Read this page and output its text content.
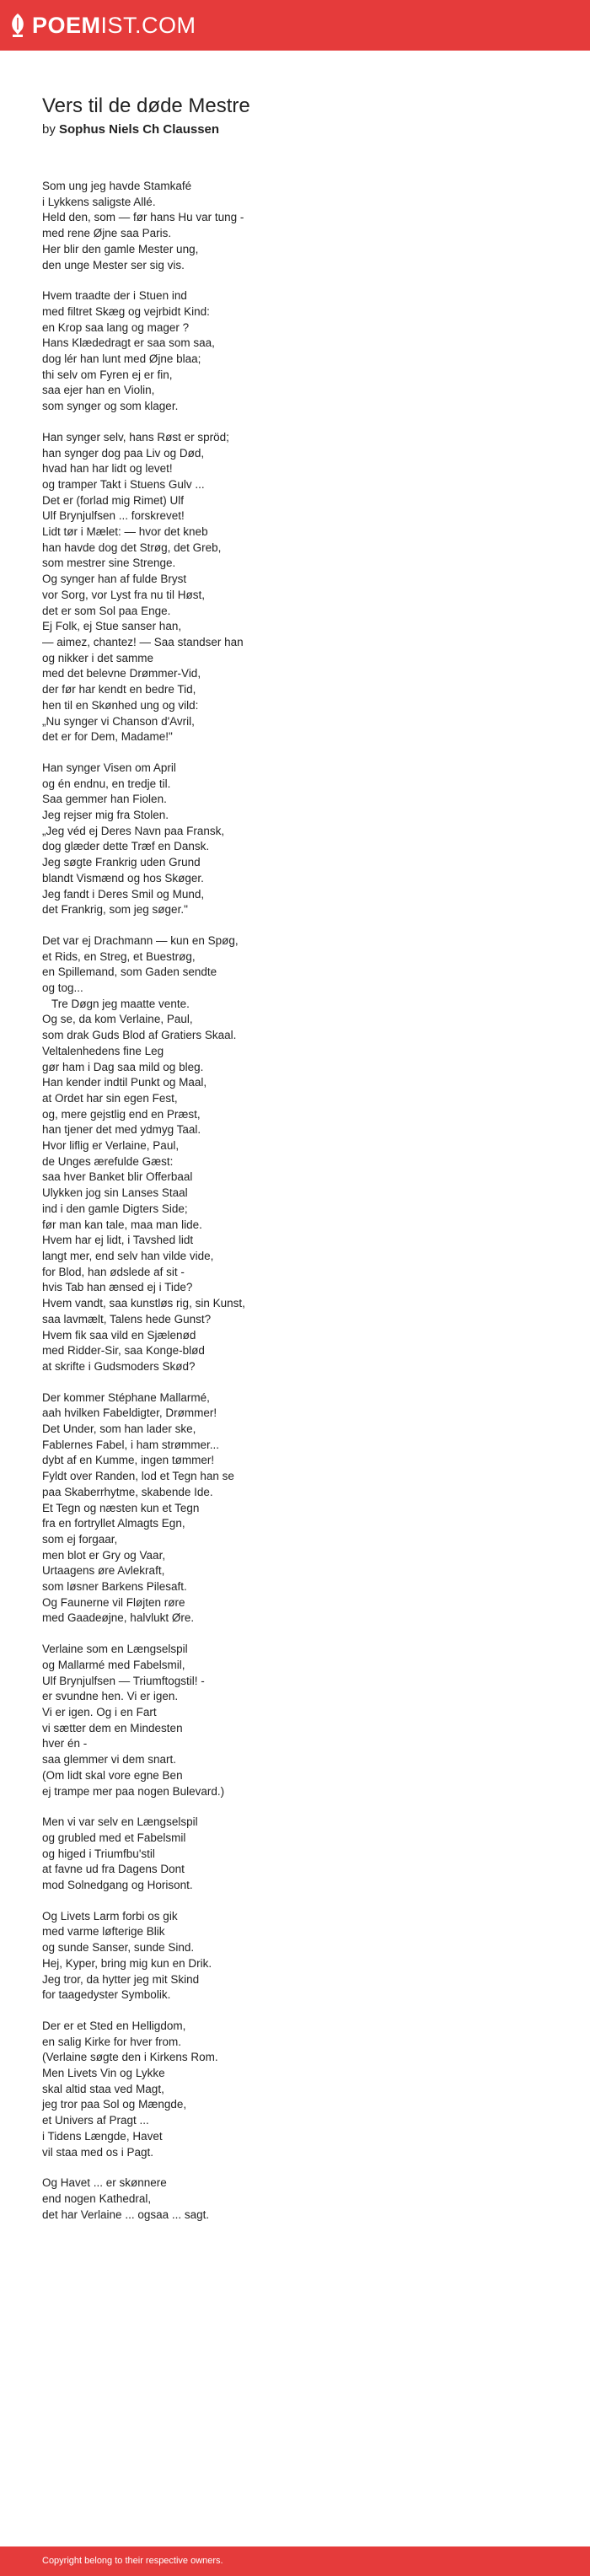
POEMIST.COM
Vers til de døde Mestre
by Sophus Niels Ch Claussen
Som ung jeg havde Stamkafé
i Lykkens saligste Allé.
Held den, som — før hans Hu var tung -
med rene Øjne saa Paris.
Her blir den gamle Mester ung,
den unge Mester ser sig vis.
Hvem traadte der i Stuen ind
med filtret Skæg og vejrbidt Kind:
en Krop saa lang og mager ?
Hans Klædedragt er saa som saa,
dog lér han lunt med Øjne blaa;
thi selv om Fyren ej er fin,
saa ejer han en Violin,
som synger og som klager.
Han synger selv, hans Røst er spröd;
han synger dog paa Liv og Død,
hvad han har lidt og levet!
og tramper Takt i Stuens Gulv ...
Det er (forlad mig Rimet) Ulf
Ulf Brynjulfsen ... forskrevet!
Lidt tør i Mælet: — hvor det kneb
han havde dog det Strøg, det Greb,
som mestrer sine Strenge.
Og synger han af fulde Bryst
vor Sorg, vor Lyst fra nu til Høst,
det er som Sol paa Enge.
Ej Folk, ej Stue sanser han,
— aimez, chantez! — Saa standser han
og nikker i det samme
med det belevne Drømmer-Vid,
der før har kendt en bedre Tid,
hen til en Skønhed ung og vild:
„Nu synger vi Chanson d'Avril,
det er for Dem, Madame!"
Han synger Visen om April
og én endnu, en tredje til.
Saa gemmer han Fiolen.
Jeg rejser mig fra Stolen.
„Jeg véd ej Deres Navn paa Fransk,
dog glæder dette Træf en Dansk.
Jeg søgte Frankrig uden Grund
blandt Vismænd og hos Skøger.
Jeg fandt i Deres Smil og Mund,
det Frankrig, som jeg søger."
Det var ej Drachmann — kun en Spøg,
et Rids, en Streg, et Buestrøg,
en Spillemand, som Gaden sendte
og tog...
Tre Døgn jeg maatte vente.
Og se, da kom Verlaine, Paul,
som drak Guds Blod af Gratiers Skaal.
Veltalenhedens fine Leg
gør ham i Dag saa mild og bleg.
Han kender indtil Punkt og Maal,
at Ordet har sin egen Fest,
og, mere gejstlig end en Præst,
han tjener det med ydmyg Taal.
Hvor liflig er Verlaine, Paul,
de Unges ærefulde Gæst:
saa hver Banket blir Offerbaal
Ulykken jog sin Lanses Staal
ind i den gamle Digters Side;
før man kan tale, maa man lide.
Hvem har ej lidt, i Tavshed lidt
langt mer, end selv han vilde vide,
for Blod, han ødslede af sit -
hvis Tab han ænsed ej i Tide?
Hvem vandt, saa kunstløs rig, sin Kunst,
saa lavmælt, Talens hede Gunst?
Hvem fik saa vild en Sjælenød
med Ridder-Sir, saa Konge-blød
at skrifte i Gudsmoders Skød?
Der kommer Stéphane Mallarmé,
aah hvilken Fabeldigter, Drømmer!
Det Under, som han lader ske,
Fablernes Fabel, i ham strømmer...
dybt af en Kumme, ingen tømmer!
Fyldt over Randen, lod et Tegn han se
paa Skaberrhytme, skabende Ide.
Et Tegn og næsten kun et Tegn
fra en fortryllet Almagts Egn,
som ej forgaar,
men blot er Gry og Vaar,
Urtaagens øre Avlekraft,
som løsner Barkens Pilesaft.
Og Faunerne vil Fløjten røre
med Gaadeøjne, halvlukt Øre.
Verlaine som en Længselspil
og Mallarmé med Fabelsmil,
Ulf Brynjulfsen — Triumftogstil! -
er svundne hen. Vi er igen.
Vi er igen. Og i en Fart
vi sætter dem en Mindesten
hver én -
saa glemmer vi dem snart.
(Om lidt skal vore egne Ben
ej trampe mer paa nogen Bulevard.)
Men vi var selv en Længselspil
og grubled med et Fabelsmil
og higed i Triumfbu'stil
at favne ud fra Dagens Dont
mod Solnedgang og Horisont.
Og Livets Larm forbi os gik
med varme løfterige Blik
og sunde Sanser, sunde Sind.
Hej, Kyper, bring mig kun en Drik.
Jeg tror, da hytter jeg mit Skind
for taagedyster Symbolik.
Der er et Sted en Helligdom,
en salig Kirke for hver from.
(Verlaine søgte den i Kirkens Rom.
Men Livets Vin og Lykke
skal altid staa ved Magt,
jeg tror paa Sol og Mængde,
et Univers af Pragt ...
i Tidens Længde, Havet
vil staa med os i Pagt.
Og Havet ... er skønnere
end nogen Kathedral,
det har Verlaine ... ogsaa ... sagt.
Copyright belong to their respective owners.
